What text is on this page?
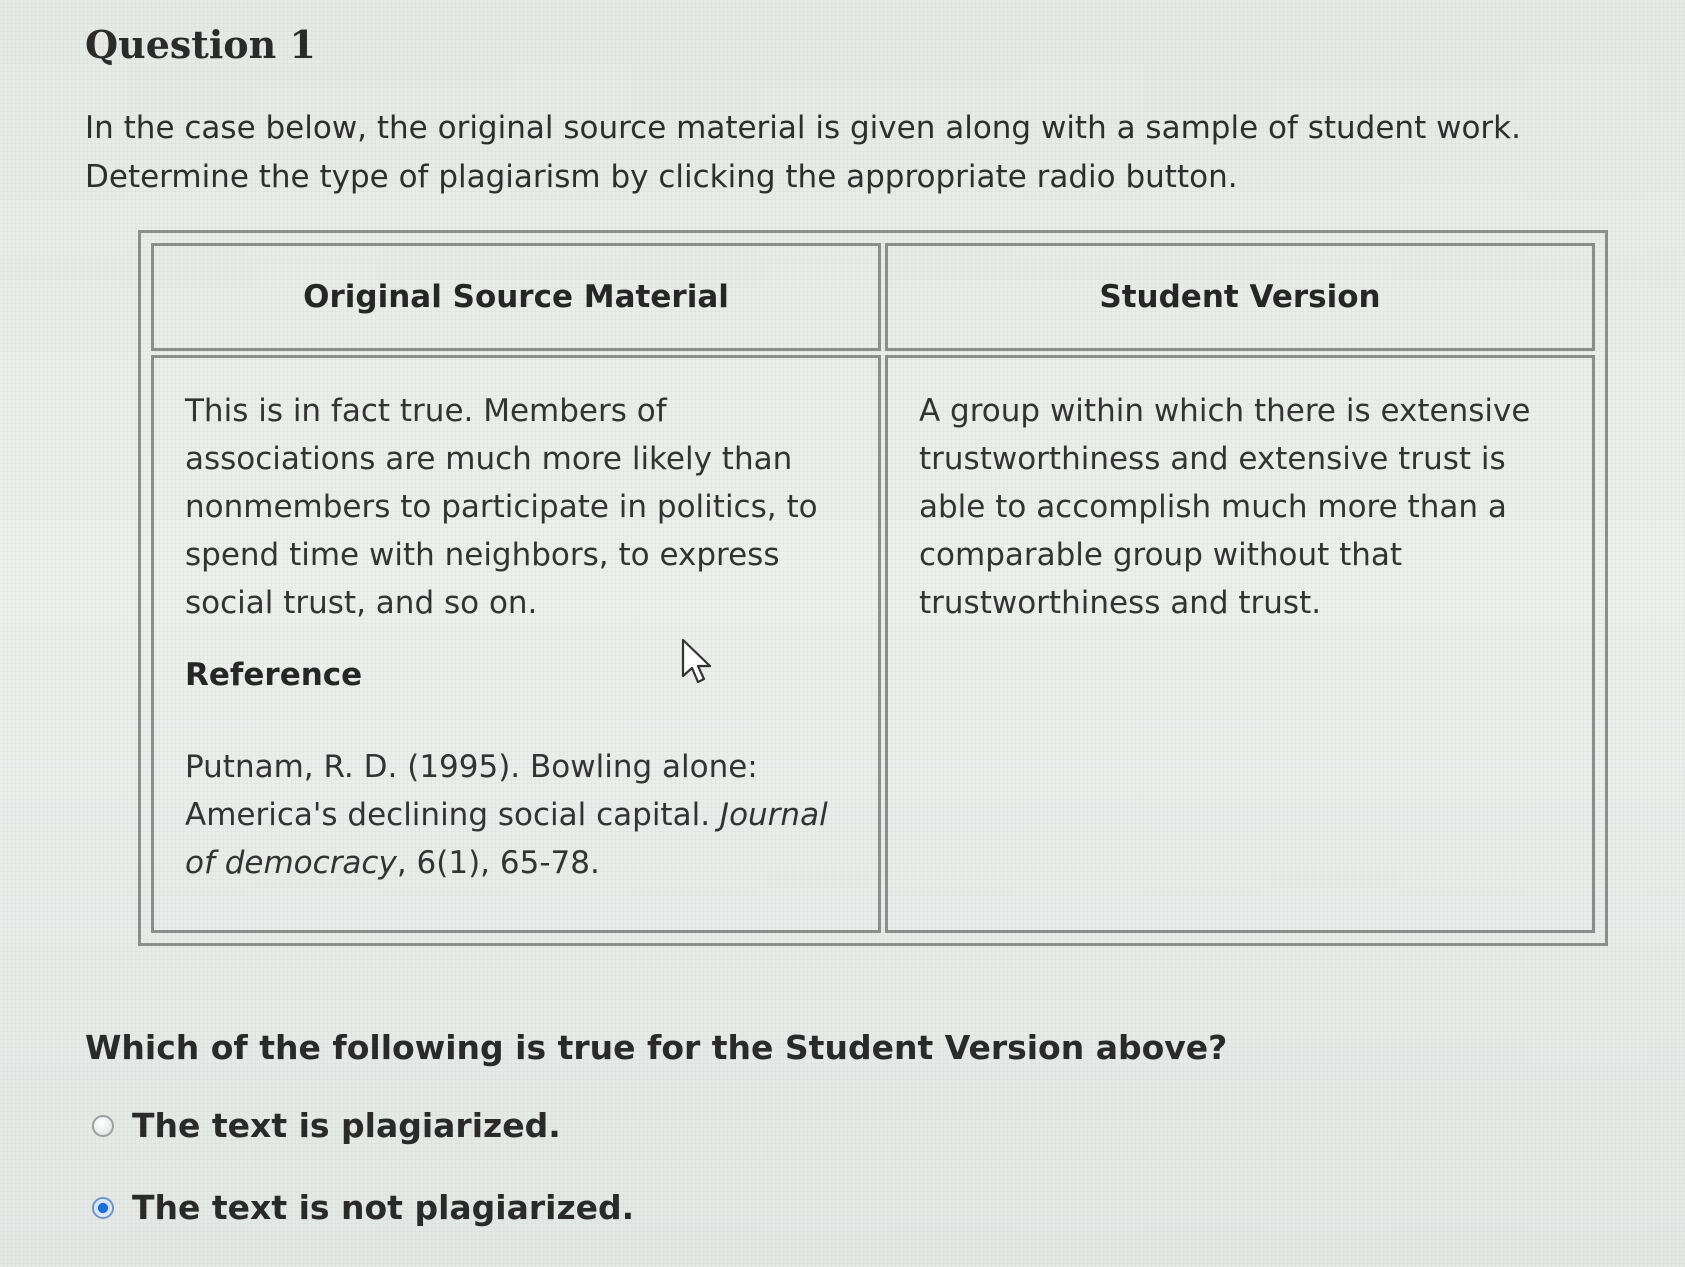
Question 1
In the case below, the original source material is given along with a sample of student work. Determine the type of plagiarism by clicking the appropriate radio button.
Original Source Material	Student Version

This is in fact true. Members of associations are much more likely than nonmembers to participate in politics, to spend time with neighbors, to express social trust, and so on.
Reference
Putnam, R. D. (1995). Bowling alone: America's declining social capital. Journal of democracy, 6(1), 65-78.	A group within which there is extensive trustworthiness and extensive trust is able to accomplish much more than a comparable group without that trustworthiness and trust.
Which of the following is true for the Student Version above?
The text is plagiarized.
The text is not plagiarized.
